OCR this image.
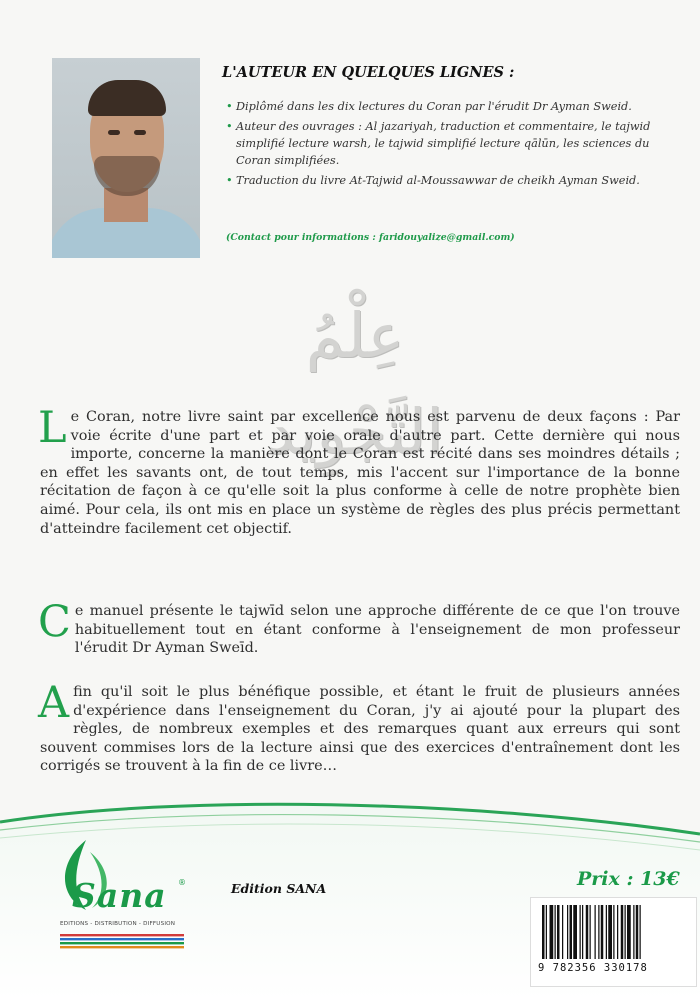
L'AUTEUR EN QUELQUES LIGNES :
• Diplômé dans les dix lectures du Coran par l'érudit Dr Ayman Sweid.
• Auteur des ouvrages : Al jazariyah, traduction et commentaire, le tajwid simplifié lecture warsh, le tajwid simplifié lecture qālūn, les sciences du Coran simplifiées.
• Traduction du livre At-Tajwid al-Moussawwar de cheikh Ayman Sweid.
(Contact pour informations : faridouyalize@gmail.com)
عِلْمُ التَّجْوِيد

Le Coran, notre livre saint par excellence nous est parvenu de deux façons : Par voie écrite d'une part et par voie orale d'autre part. Cette dernière qui nous importe, concerne la manière dont le Coran est récité dans ses moindres détails ; en effet les savants ont, de tout temps, mis l'accent sur l'importance de la bonne récitation de façon à ce qu'elle soit la plus conforme à celle de notre prophète bien aimé. Pour cela, ils ont mis en place un système de règles des plus précis permettant d'atteindre facilement cet objectif.

Ce manuel présente le tajwīd selon une approche différente de ce que l'on trouve habituellement tout en étant conforme à l'enseignement de mon professeur l'érudit Dr Ayman Sweīd.

Afin qu'il soit le plus bénéfique possible, et étant le fruit de plusieurs années d'expérience dans l'enseignement du Coran, j'y ai ajouté pour la plupart des règles, de nombreux exemples et des remarques quant aux erreurs qui sont souvent commises lors de la lecture ainsi que des exercices d'entraînement dont les corrigés se trouvent à la fin de ce livre…

Sana ®
EDITIONS - DISTRIBUTION - DIFFUSION
Edition SANA	Prix : 13€
9 782356 330178
